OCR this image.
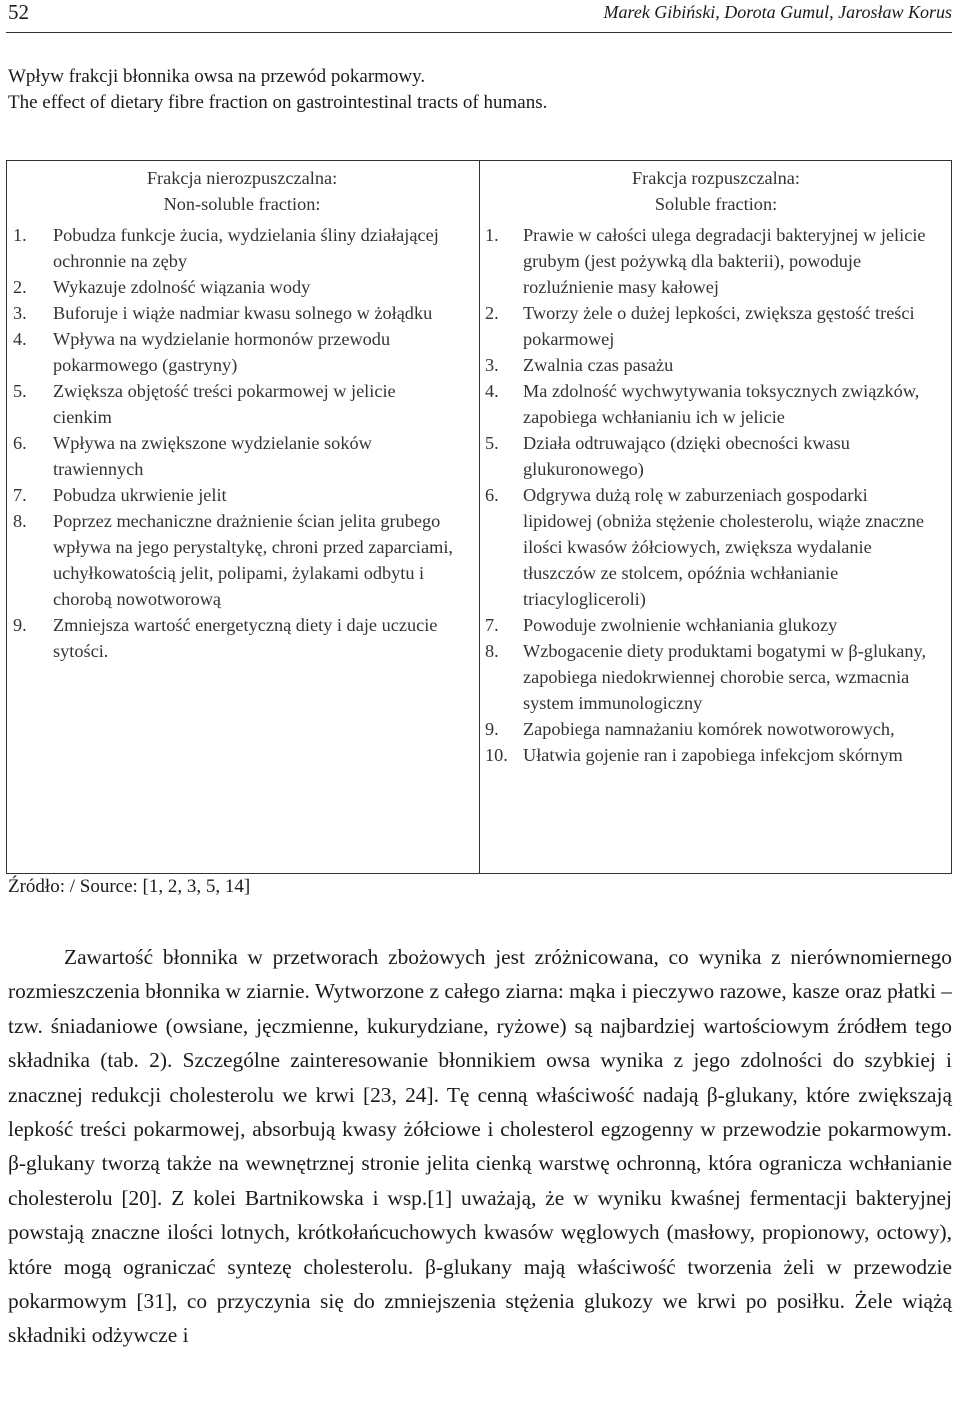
52	Marek Gibiński, Dorota Gumul, Jarosław Korus
Wpływ frakcji błonnika owsa na przewód pokarmowy.
The effect of dietary fibre fraction on gastrointestinal tracts of humans.
Frakcja nierozpuszczalna:
Non-soluble fraction:
1.	Pobudza funkcje żucia, wydzielania śliny działającej ochronnie na zęby
2.	Wykazuje zdolność wiązania wody
3.	Buforuje i wiąże nadmiar kwasu solnego w żołądku
4.	Wpływa na wydzielanie hormonów przewodu pokarmowego (gastryny)
5.	Zwiększa objętość treści pokarmowej w jelicie cienkim
6.	Wpływa na zwiększone wydzielanie soków trawiennych
7.	Pobudza ukrwienie jelit
8.	Poprzez mechaniczne drażnienie ścian jelita grubego wpływa na jego perystaltykę, chroni przed zaparciami, uchyłkowatością jelit, polipami, żylakami odbytu i chorobą nowotworową
9.	Zmniejsza wartość energetyczną diety i daje uczucie sytości.
Frakcja rozpuszczalna:
Soluble fraction:
1.	Prawie w całości ulega degradacji bakteryjnej w jelicie grubym (jest pożywką dla bakterii), powoduje rozluźnienie masy kałowej
2.	Tworzy żele o dużej lepkości, zwiększa gęstość treści pokarmowej
3.	Zwalnia czas pasażu
4.	Ma zdolność wychwytywania toksycznych związków, zapobiega wchłanianiu ich w jelicie
5.	Działa odtruwająco (dzięki obecności kwasu glukuronowego)
6.	Odgrywa dużą rolę w zaburzeniach gospodarki lipidowej (obniża stężenie cholesterolu, wiąże znaczne ilości kwasów żółciowych, zwiększa wydalanie tłuszczów ze stolcem, opóźnia wchłanianie triacylogliceroli)
7.	Powoduje zwolnienie wchłaniania glukozy
8.	Wzbogacenie diety produktami bogatymi w β-glukany, zapobiega niedokrwiennej chorobie serca, wzmacnia system immunologiczny
9.	Zapobiega namnażaniu komórek nowotworowych,
10. Ułatwia gojenie ran i zapobiega infekcjom skórnym
Źródło: / Source: [1, 2, 3, 5, 14]

Zawartość błonnika w przetworach zbożowych jest zróżnicowana, co wynika z nierównomiernego rozmieszczenia błonnika w ziarnie. Wytworzone z całego ziarna: mąka i pieczywo razowe, kasze oraz płatki – tzw. śniadaniowe (owsiane, jęczmienne, kukurydziane, ryżowe) są najbardziej wartościowym źródłem tego składnika (tab. 2). Szczególne zainteresowanie błonnikiem owsa wynika z jego zdolności do szybkiej i znacznej redukcji cholesterolu we krwi [23, 24]. Tę cenną właściwość nadają β-glukany, które zwiększają lepkość treści pokarmowej, absorbują kwasy żółciowe i cholesterol egzogenny w przewodzie pokarmowym. β-glukany tworzą także na wewnętrznej stronie jelita cienką warstwę ochronną, która ogranicza wchłanianie cholesterolu [20]. Z kolei Bartnikowska i wsp.[1] uważają, że w wyniku kwaśnej fermentacji bakteryjnej powstają znaczne ilości lotnych, krótkołańcuchowych kwasów węglowych (masłowy, propionowy, octowy), które mogą ograniczać syntezę cholesterolu. β-glukany mają właściwość tworzenia żeli w przewodzie pokarmowym [31], co przyczynia się do zmniejszenia stężenia glukozy we krwi po posiłku. Żele wiążą składniki odżywcze i
